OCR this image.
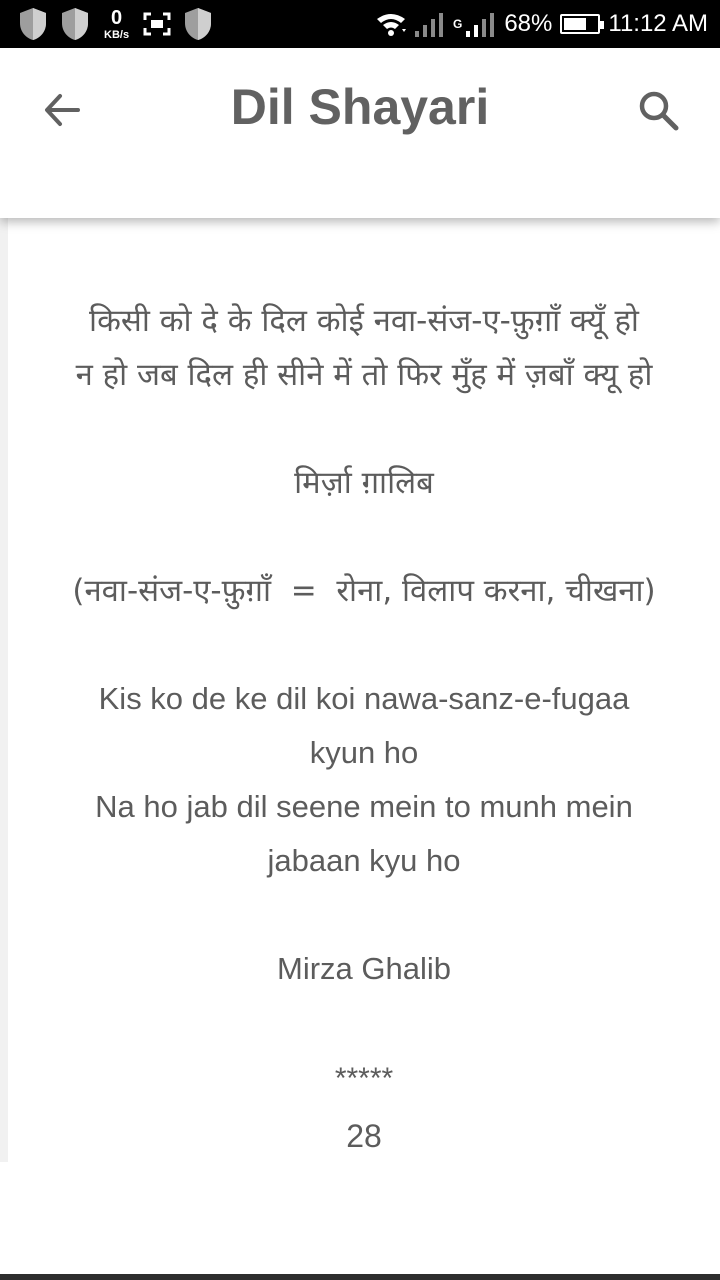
0
KB/s
G 68% 11:12 AM
Dil Shayari

किसी को दे के दिल कोई नवा-संज-ए-फ़ुग़ाँ क्यूँ हो

न हो जब दिल ही सीने में तो फिर मुँह में ज़बाँ क्यू हो

मिर्ज़ा ग़ालिब

(नवा-संज-ए-फ़ुग़ाँ  =  रोना, विलाप करना, चीखना)

Kis ko de ke dil koi nawa-sanz-e-fugaa

kyun ho

Na ho jab dil seene mein to munh mein

jabaan kyu ho

Mirza Ghalib

*****

28
